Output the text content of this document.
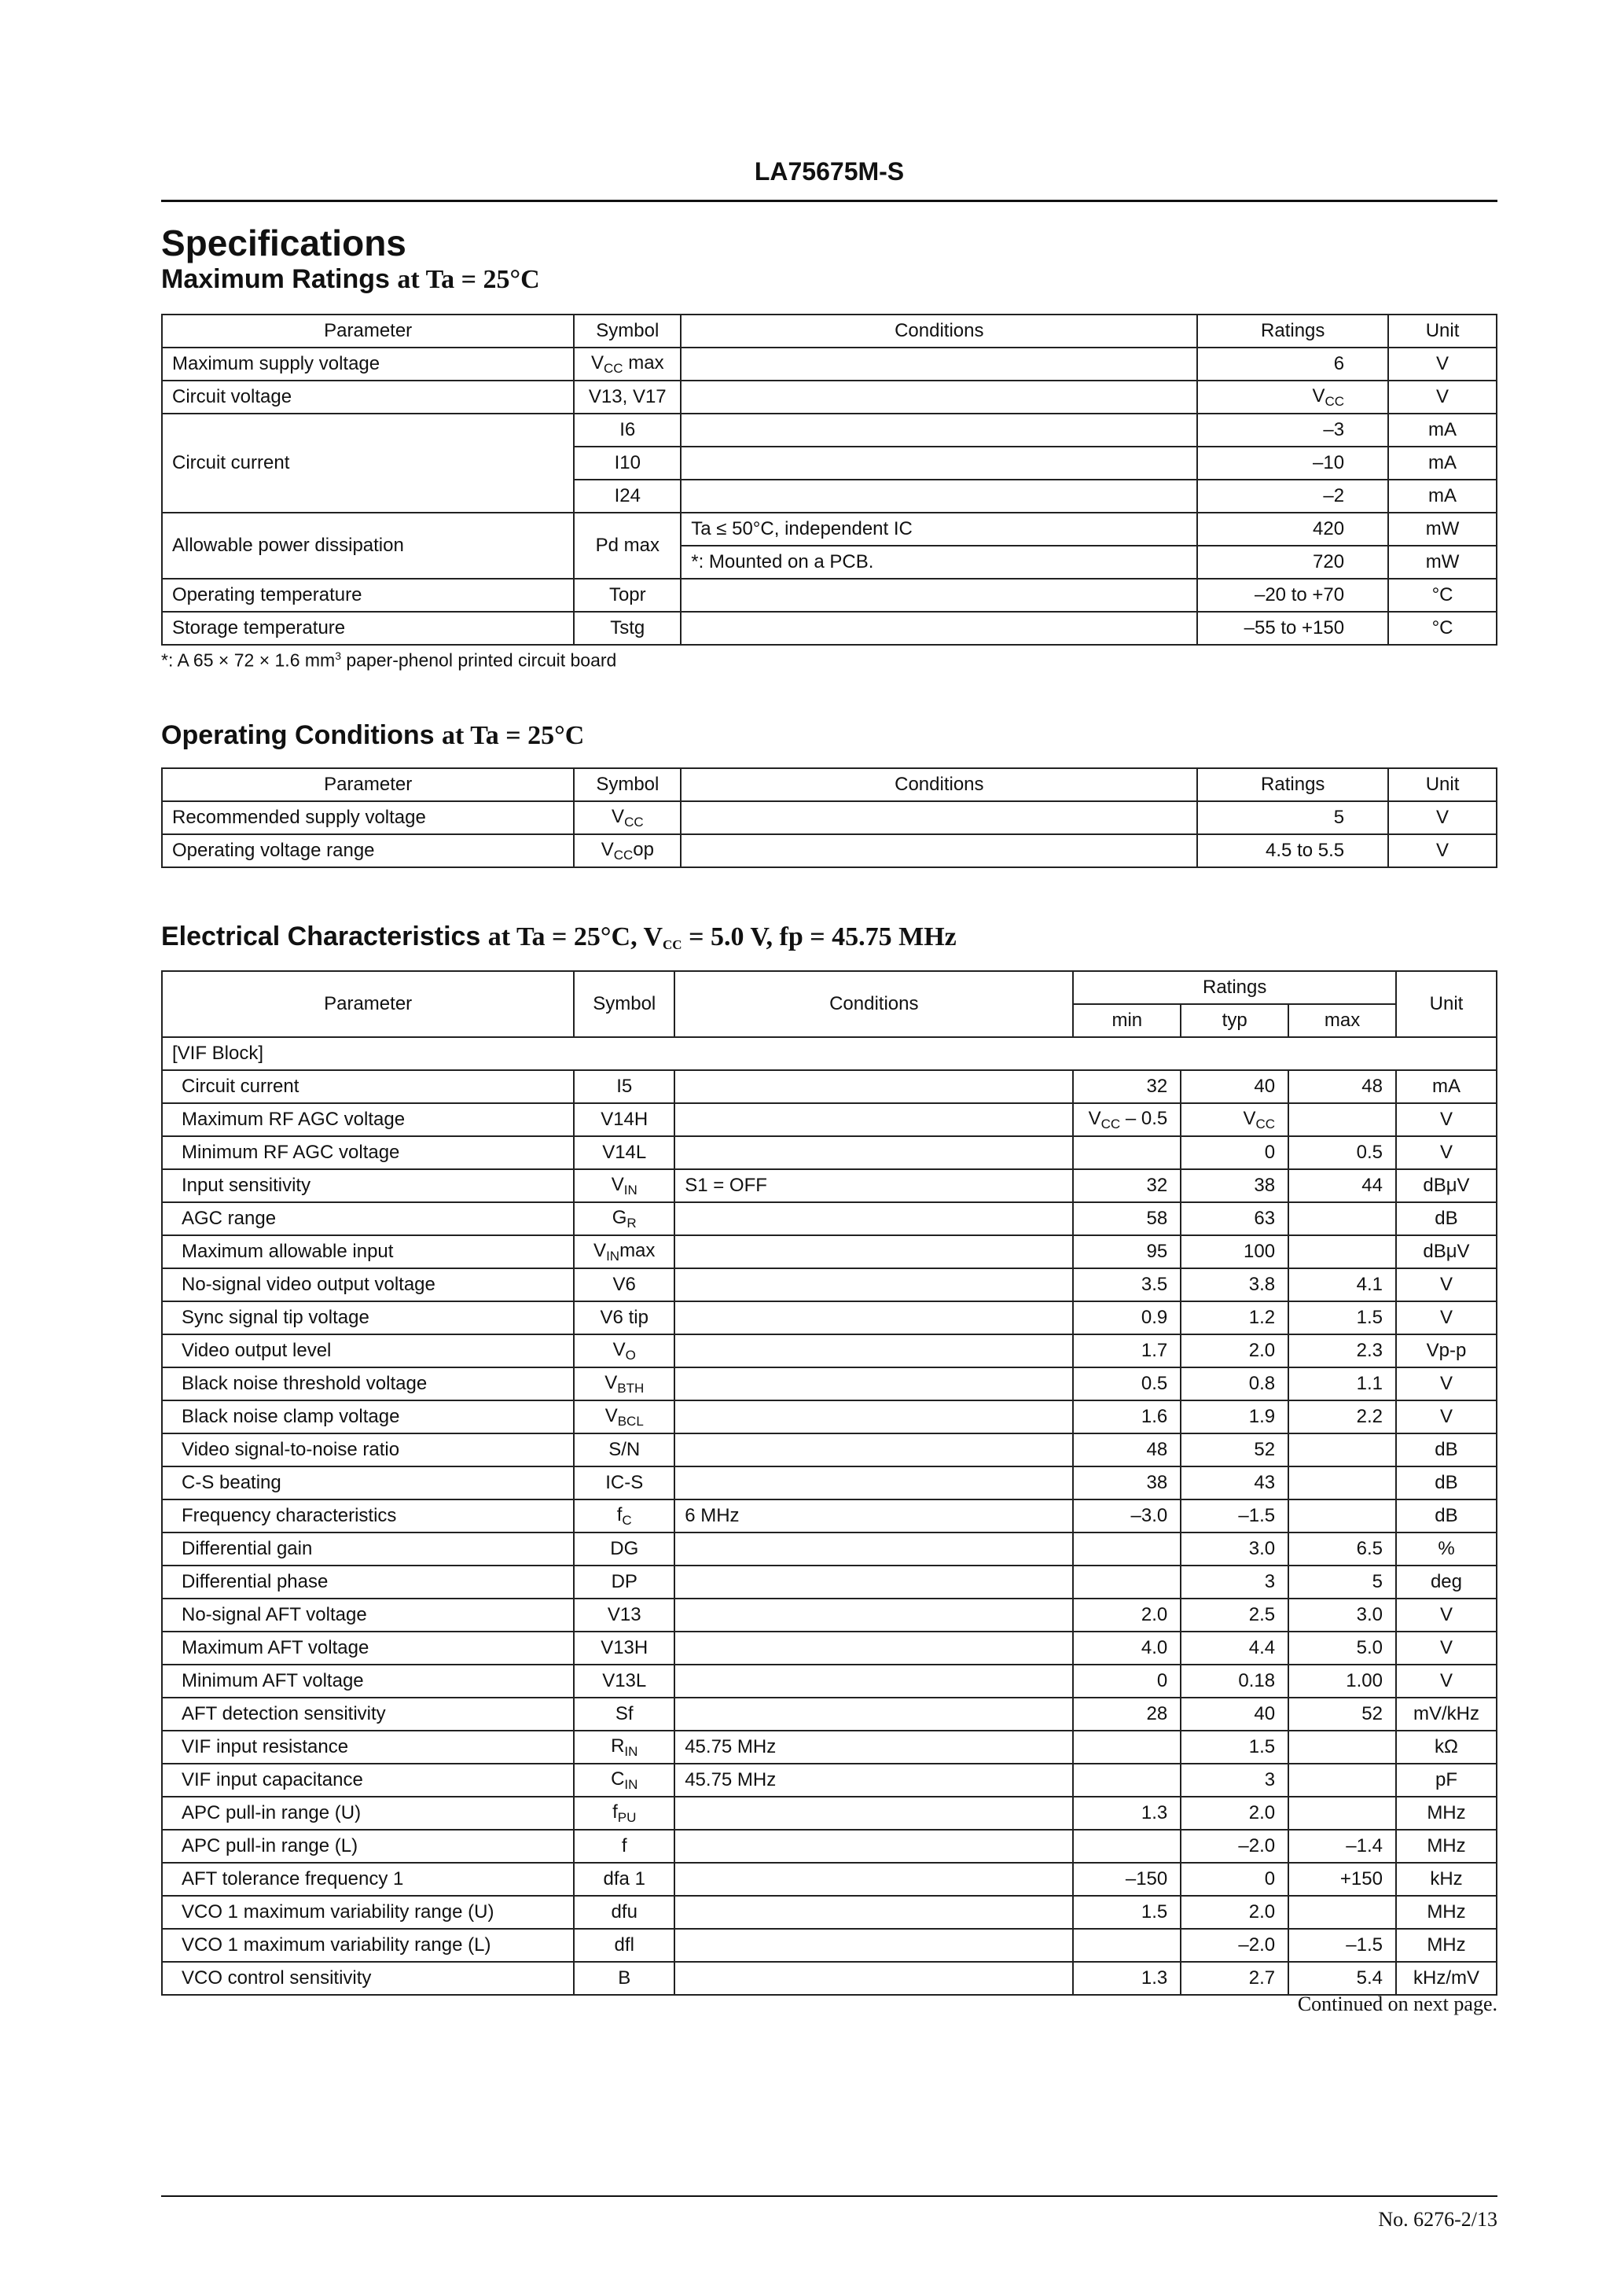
LA75675M-S
Specifications
Maximum Ratings at Ta = 25°C
Parameter	Symbol	Conditions	Ratings	Unit
Maximum supply voltage	$V_{CC}$ max		6	V
Circuit voltage	V13, V17		$V_{CC}$	V
Circuit current	I6		–3	mA
	I10		–10	mA
	I24		–2	mA
Allowable power dissipation	Pd max	Ta ≤ 50°C, independent IC	420	mW
		*: Mounted on a PCB.	720	mW
Operating temperature	Topr		–20 to +70	°C
Storage temperature	Tstg		–55 to +150	°C
*: A 65 × 72 × 1.6 $mm^3$ paper-phenol printed circuit board
Operating Conditions at Ta = 25°C
Parameter	Symbol	Conditions	Ratings	Unit
Recommended supply voltage	$V_{CC}$		5	V
Operating voltage range	$V_{CC}op$		4.5 to 5.5	V
Electrical Characteristics at Ta = 25°C, $V_{CC} = 5.0$ V, fp = 45.75 MHz
Parameter	Symbol	Conditions	Ratings			Unit
			min	typ	max	
[VIF Block]						
Circuit current	I5		32	40	48	mA
Maximum RF AGC voltage	V14H		$V_{CC} - 0.5$	$V_{CC}$		V
Minimum RF AGC voltage	V14L			0	0.5	V
Input sensitivity	$V_{IN}$	S1 = OFF	32	38	44	dBμV
AGC range	$G_R$		58	63		dB
Maximum allowable input	$V_{IN}\max$		95	100		dBμV
No-signal video output voltage	V6		3.5	3.8	4.1	V
Sync signal tip voltage	V6 tip		0.9	1.2	1.5	V
Video output level	$V_O$		1.7	2.0	2.3	Vp-p
Black noise threshold voltage	$V_{BTH}$		0.5	0.8	1.1	V
Black noise clamp voltage	$V_{BCL}$		1.6	1.9	2.2	V
Video signal-to-noise ratio	S/N		48	52		dB
C-S beating	IC-S		38	43		dB
Frequency characteristics	$f_C$	6 MHz	–3.0	–1.5		dB
Differential gain	DG			3.0	6.5	%
Differential phase	DP			3	5	deg
No-signal AFT voltage	V13		2.0	2.5	3.0	V
Maximum AFT voltage	V13H		4.0	4.4	5.0	V
Minimum AFT voltage	V13L		0	0.18	1.00	V
AFT detection sensitivity	Sf		28	40	52	mV/kHz
VIF input resistance	$R_{IN}$	45.75 MHz		1.5		kΩ
VIF input capacitance	$C_{IN}$	45.75 MHz		3		pF
APC pull-in range (U)	$f_{PU}$		1.3	2.0		MHz
APC pull-in range (L)	f			–2.0	–1.4	MHz
AFT tolerance frequency 1	dfa 1		–150	0	+150	kHz
VCO 1 maximum variability range (U)	dfu		1.5	2.0		MHz
VCO 1 maximum variability range (L)	dfl			–2.0	–1.5	MHz
VCO control sensitivity	B		1.3	2.7	5.4	kHz/mV
Continued on next page.
No. 6276-2/13
